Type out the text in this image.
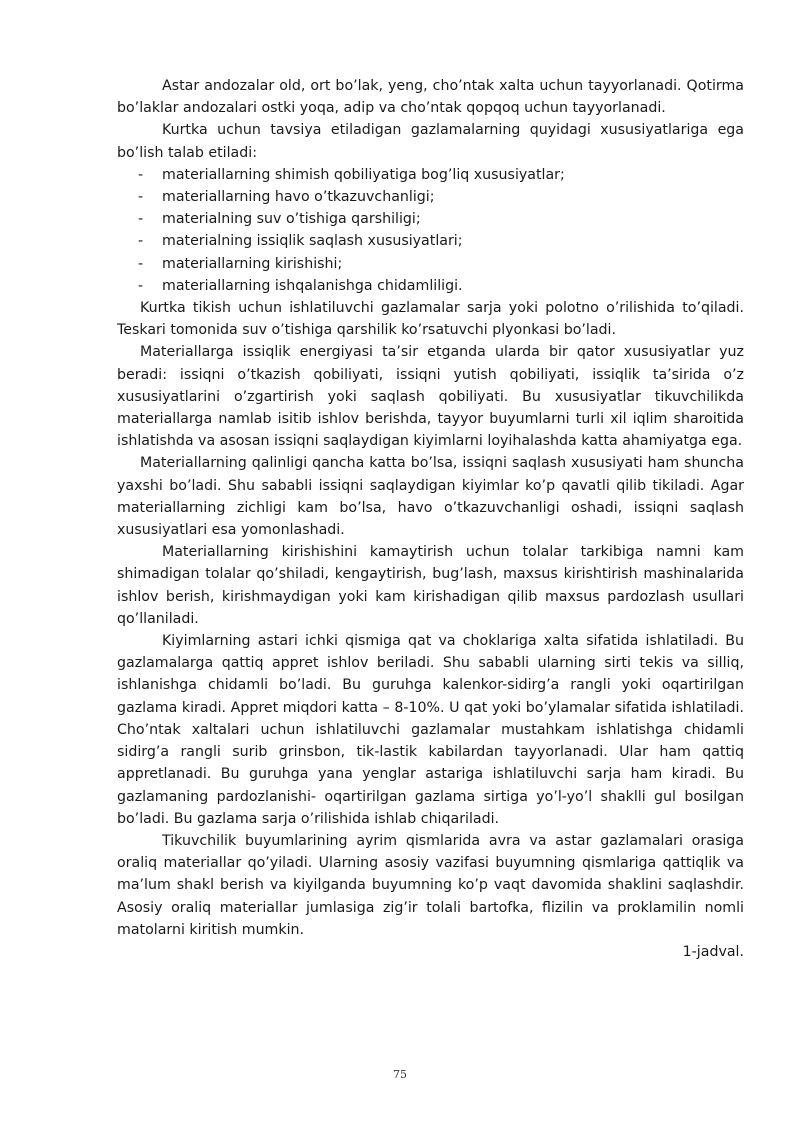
Astar andozalar old, ort bo’lak, yeng, cho’ntak xalta uchun tayyorlanadi. Qotirma bo’laklar andozalari ostki yoqa, adip va cho’ntak qopqoq uchun tayyorlanadi.

Kurtka uchun tavsiya etiladigan gazlamalarning quyidagi xususiyatlariga ega bo’lish talab etiladi:

- materiallarning shimish qobiliyatiga bog’liq xususiyatlar;
- materiallarning havo o’tkazuvchanligi;
- materialning suv o’tishiga qarshiligi;
- materialning issiqlik saqlash xususiyatlari;
- materiallarning kirishishi;
- materiallarning ishqalanishga chidamliligi.

Kurtka tikish uchun ishlatiluvchi gazlamalar sarja yoki polotno o’rilishida to’qiladi. Teskari tomonida suv o’tishiga qarshilik ko’rsatuvchi plyonkasi bo’ladi.

Materiallarga issiqlik energiyasi ta’sir etganda ularda bir qator xususiyatlar yuz beradi: issiqni o’tkazish qobiliyati, issiqni yutish qobiliyati, issiqlik ta’sirida o’z xususiyatlarini o’zgartirish yoki saqlash qobiliyati. Bu xususiyatlar tikuvchilikda materiallarga namlab isitib ishlov berishda, tayyor buyumlarni turli xil iqlim sharoitida ishlatishda va asosan issiqni saqlaydigan kiyimlarni loyihalashda katta ahamiyatga ega.

Materiallarning qalinligi qancha katta bo’lsa, issiqni saqlash xususiyati ham shuncha yaxshi bo’ladi. Shu sababli issiqni saqlaydigan kiyimlar ko’p qavatli qilib tikiladi. Agar materiallarning zichligi kam bo’lsa, havo o’tkazuvchanligi oshadi, issiqni saqlash xususiyatlari esa yomonlashadi.

Materiallarning kirishishini kamaytirish uchun tolalar tarkibiga namni kam shimadigan tolalar qo’shiladi, kengaytirish, bug’lash, maxsus kirishtirish mashinalarida ishlov berish, kirishmaydigan yoki kam kirishadigan qilib maxsus pardozlash usullari qo’llaniladi.

Kiyimlarning astari ichki qismiga qat va choklariga xalta sifatida ishlatiladi. Bu gazlamalarga qattiq appret ishlov beriladi. Shu sababli ularning sirti tekis va silliq, ishlanishga chidamli bo’ladi. Bu guruhga kalenkor-sidirg’a rangli yoki oqartirilgan gazlama kiradi. Appret miqdori katta – 8-10%. U qat yoki bo’ylamalar sifatida ishlatiladi. Cho’ntak xaltalari uchun ishlatiluvchi gazlamalar mustahkam ishlatishga chidamli sidirg’a rangli surib grinsbon, tik-lastik kabilardan tayyorlanadi. Ular ham qattiq appretlanadi. Bu guruhga yana yenglar astariga ishlatiluvchi sarja ham kiradi. Bu gazlamaning pardozlanishi- oqartirilgan gazlama sirtiga yo’l-yo’l shaklli gul bosilgan bo’ladi. Bu gazlama sarja o’rilishida ishlab chiqariladi.

Tikuvchilik buyumlarining ayrim qismlarida avra va astar gazlamalari orasiga oraliq materiallar qo’yiladi. Ularning asosiy vazifasi buyumning qismlariga qattiqlik va ma’lum shakl berish va kiyilganda buyumning ko’p vaqt davomida shaklini saqlashdir. Asosiy oraliq materiallar jumlasiga zig’ir tolali bartofka, flizilin va proklamilin nomli matolarni kiritish mumkin.

1-jadval.

75
